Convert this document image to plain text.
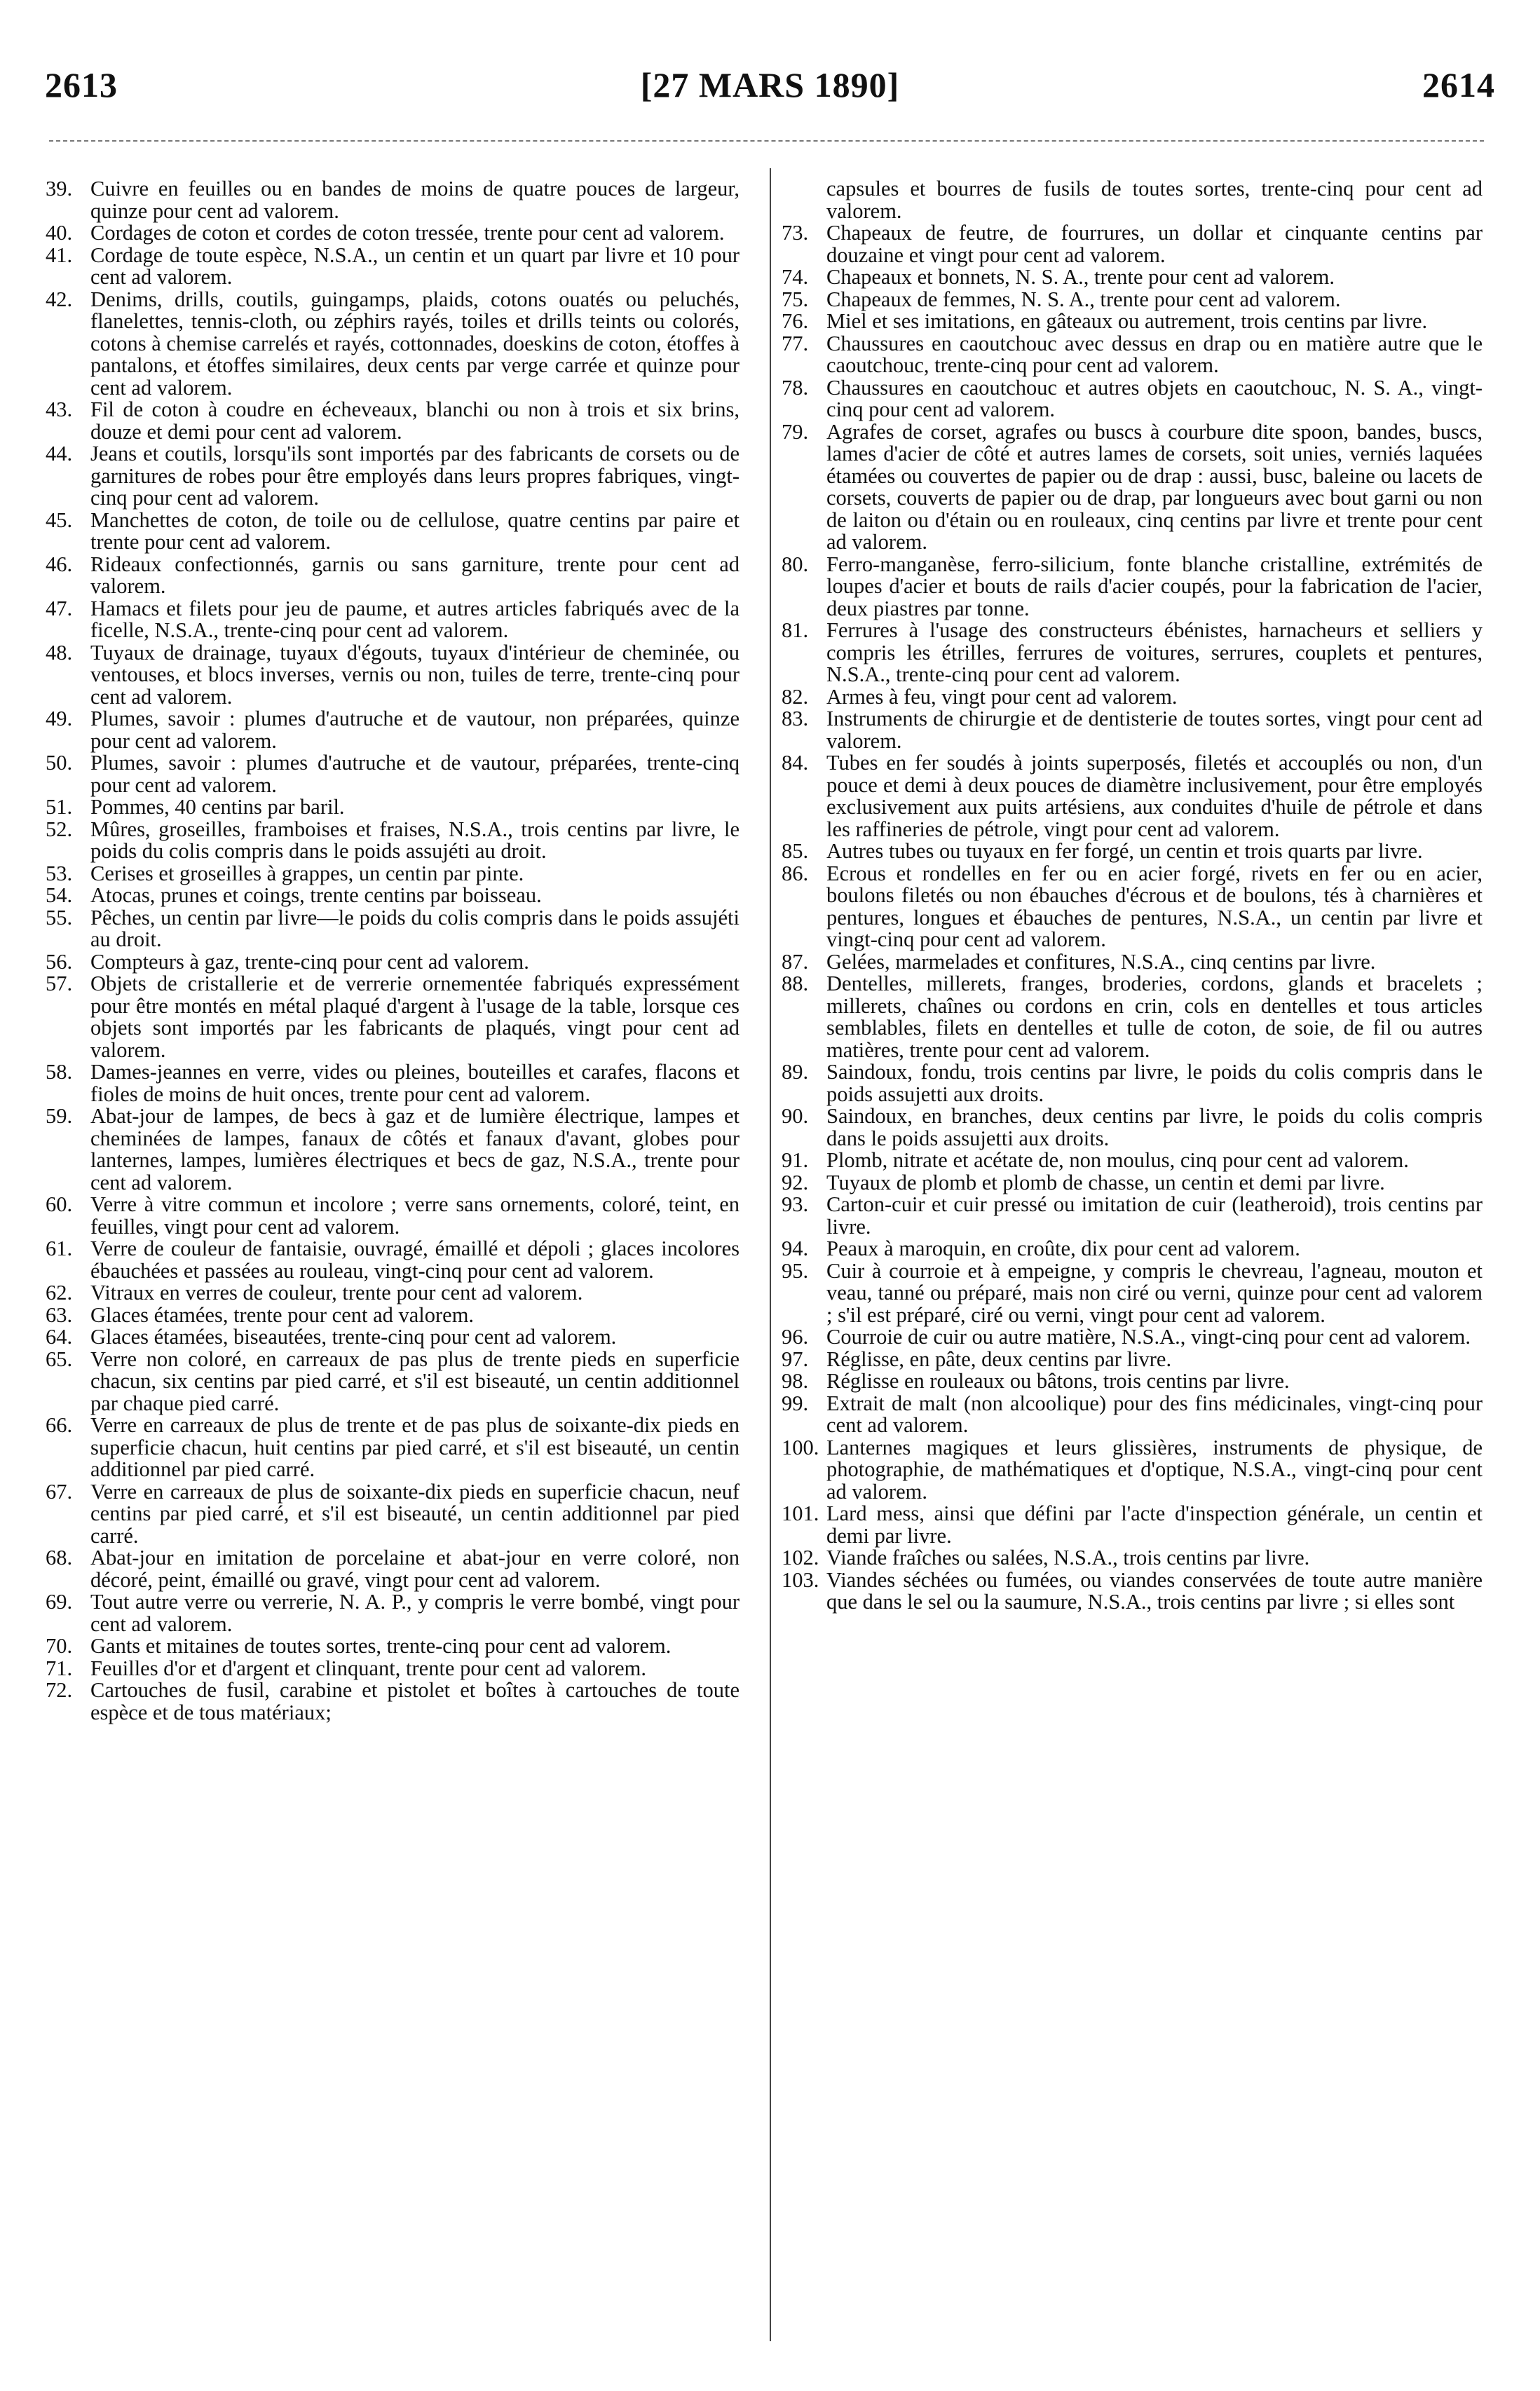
2613	[27 MARS 1890]	2614

39. Cuivre en feuilles ou en bandes de moins de quatre pouces de largeur, quinze pour cent ad valorem.

40. Cordages de coton et cordes de coton tressée, trente pour cent ad valorem.

41. Cordage de toute espèce, N.S.A., un centin et un quart par livre et 10 pour cent ad valorem.

42. Denims, drills, coutils, guingamps, plaids, cotons ouatés ou peluchés, flanelettes, tennis-cloth, ou zéphirs rayés, toiles et drills teints ou colorés, cotons à chemise carrelés et rayés, cottonnades, doeskins de coton, étoffes à pantalons, et étoffes similaires, deux cents par verge carrée et quinze pour cent ad valorem.

43. Fil de coton à coudre en écheveaux, blanchi ou non à trois et six brins, douze et demi pour cent ad valorem.

44. Jeans et coutils, lorsqu'ils sont importés par des fabricants de corsets ou de garnitures de robes pour être employés dans leurs propres fabriques, vingt-cinq pour cent ad valorem.

45. Manchettes de coton, de toile ou de cellulose, quatre centins par paire et trente pour cent ad valorem.

46. Rideaux confectionnés, garnis ou sans garniture, trente pour cent ad valorem.

47. Hamacs et filets pour jeu de paume, et autres articles fabriqués avec de la ficelle, N.S.A., trente-cinq pour cent ad valorem.

48. Tuyaux de drainage, tuyaux d'égouts, tuyaux d'intérieur de cheminée, ou ventouses, et blocs inverses, vernis ou non, tuiles de terre, trente-cinq pour cent ad valorem.

49. Plumes, savoir : plumes d'autruche et de vautour, non préparées, quinze pour cent ad valorem.

50. Plumes, savoir : plumes d'autruche et de vautour, préparées, trente-cinq pour cent ad valorem.

51. Pommes, 40 centins par baril.

52. Mûres, groseilles, framboises et fraises, N.S.A., trois centins par livre, le poids du colis compris dans le poids assujéti au droit.

53. Cerises et groseilles à grappes, un centin par pinte.

54. Atocas, prunes et coings, trente centins par boisseau.

55. Pêches, un centin par livre—le poids du colis compris dans le poids assujéti au droit.

56. Compteurs à gaz, trente-cinq pour cent ad valorem.

57. Objets de cristallerie et de verrerie ornementée fabriqués expressément pour être montés en métal plaqué d'argent à l'usage de la table, lorsque ces objets sont importés par les fabricants de plaqués, vingt pour cent ad valorem.

58. Dames-jeannes en verre, vides ou pleines, bouteilles et carafes, flacons et fioles de moins de huit onces, trente pour cent ad valorem.

59. Abat-jour de lampes, de becs à gaz et de lumière électrique, lampes et cheminées de lampes, fanaux de côtés et fanaux d'avant, globes pour lanternes, lampes, lumières électriques et becs de gaz, N.S.A., trente pour cent ad valorem.

60. Verre à vitre commun et incolore ; verre sans ornements, coloré, teint, en feuilles, vingt pour cent ad valorem.

61. Verre de couleur de fantaisie, ouvragé, émaillé et dépoli ; glaces incolores ébauchées et passées au rouleau, vingt-cinq pour cent ad valorem.

62. Vitraux en verres de couleur, trente pour cent ad valorem.

63. Glaces étamées, trente pour cent ad valorem.

64. Glaces étamées, biseautées, trente-cinq pour cent ad valorem.

65. Verre non coloré, en carreaux de pas plus de trente pieds en superficie chacun, six centins par pied carré, et s'il est biseauté, un centin additionnel par chaque pied carré.

66. Verre en carreaux de plus de trente et de pas plus de soixante-dix pieds en superficie chacun, huit centins par pied carré, et s'il est biseauté, un centin additionnel par pied carré.

67. Verre en carreaux de plus de soixante-dix pieds en superficie chacun, neuf centins par pied carré, et s'il est biseauté, un centin additionnel par pied carré.

68. Abat-jour en imitation de porcelaine et abat-jour en verre coloré, non décoré, peint, émaillé ou gravé, vingt pour cent ad valorem.

69. Tout autre verre ou verrerie, N. A. P., y compris le verre bombé, vingt pour cent ad valorem.

70. Gants et mitaines de toutes sortes, trente-cinq pour cent ad valorem.

71. Feuilles d'or et d'argent et clinquant, trente pour cent ad valorem.

72. Cartouches de fusil, carabine et pistolet et boîtes à cartouches de toute espèce et de tous matériaux;

capsules et bourres de fusils de toutes sortes, trente-cinq pour cent ad valorem.

73. Chapeaux de feutre, de fourrures, un dollar et cinquante centins par douzaine et vingt pour cent ad valorem.

74. Chapeaux et bonnets, N. S. A., trente pour cent ad valorem.

75. Chapeaux de femmes, N. S. A., trente pour cent ad valorem.

76. Miel et ses imitations, en gâteaux ou autrement, trois centins par livre.

77. Chaussures en caoutchouc avec dessus en drap ou en matière autre que le caoutchouc, trente-cinq pour cent ad valorem.

78. Chaussures en caoutchouc et autres objets en caoutchouc, N. S. A., vingt-cinq pour cent ad valorem.

79. Agrafes de corset, agrafes ou buscs à courbure dite spoon, bandes, buscs, lames d'acier de côté et autres lames de corsets, soit unies, verniés laquées étamées ou couvertes de papier ou de drap : aussi, busc, baleine ou lacets de corsets, couverts de papier ou de drap, par longueurs avec bout garni ou non de laiton ou d'étain ou en rouleaux, cinq centins par livre et trente pour cent ad valorem.

80. Ferro-manganèse, ferro-silicium, fonte blanche cristalline, extrémités de loupes d'acier et bouts de rails d'acier coupés, pour la fabrication de l'acier, deux piastres par tonne.

81. Ferrures à l'usage des constructeurs ébénistes, harnacheurs et selliers y compris les étrilles, ferrures de voitures, serrures, couplets et pentures, N.S.A., trente-cinq pour cent ad valorem.

82. Armes à feu, vingt pour cent ad valorem.

83. Instruments de chirurgie et de dentisterie de toutes sortes, vingt pour cent ad valorem.

84. Tubes en fer soudés à joints superposés, filetés et accouplés ou non, d'un pouce et demi à deux pouces de diamètre inclusivement, pour être employés exclusivement aux puits artésiens, aux conduites d'huile de pétrole et dans les raffineries de pétrole, vingt pour cent ad valorem.

85. Autres tubes ou tuyaux en fer forgé, un centin et trois quarts par livre.

86. Ecrous et rondelles en fer ou en acier forgé, rivets en fer ou en acier, boulons filetés ou non ébauches d'écrous et de boulons, tés à charnières et pentures, longues et ébauches de pentures, N.S.A., un centin par livre et vingt-cinq pour cent ad valorem.

87. Gelées, marmelades et confitures, N.S.A., cinq centins par livre.

88. Dentelles, millerets, franges, broderies, cordons, glands et bracelets ; millerets, chaînes ou cordons en crin, cols en dentelles et tous articles semblables, filets en dentelles et tulle de coton, de soie, de fil ou autres matières, trente pour cent ad valorem.

89. Saindoux, fondu, trois centins par livre, le poids du colis compris dans le poids assujetti aux droits.

90. Saindoux, en branches, deux centins par livre, le poids du colis compris dans le poids assujetti aux droits.

91. Plomb, nitrate et acétate de, non moulus, cinq pour cent ad valorem.

92. Tuyaux de plomb et plomb de chasse, un centin et demi par livre.

93. Carton-cuir et cuir pressé ou imitation de cuir (leatheroid), trois centins par livre.

94. Peaux à maroquin, en croûte, dix pour cent ad valorem.

95. Cuir à courroie et à empeigne, y compris le chevreau, l'agneau, mouton et veau, tanné ou préparé, mais non ciré ou verni, quinze pour cent ad valorem ; s'il est préparé, ciré ou verni, vingt pour cent ad valorem.

96. Courroie de cuir ou autre matière, N.S.A., vingt-cinq pour cent ad valorem.

97. Réglisse, en pâte, deux centins par livre.

98. Réglisse en rouleaux ou bâtons, trois centins par livre.

99. Extrait de malt (non alcoolique) pour des fins médicinales, vingt-cinq pour cent ad valorem.

100. Lanternes magiques et leurs glissières, instruments de physique, de photographie, de mathématiques et d'optique, N.S.A., vingt-cinq pour cent ad valorem.

101. Lard mess, ainsi que défini par l'acte d'inspection générale, un centin et demi par livre.

102. Viande fraîches ou salées, N.S.A., trois centins par livre.

103. Viandes séchées ou fumées, ou viandes conservées de toute autre manière que dans le sel ou la saumure, N.S.A., trois centins par livre ; si elles sont
